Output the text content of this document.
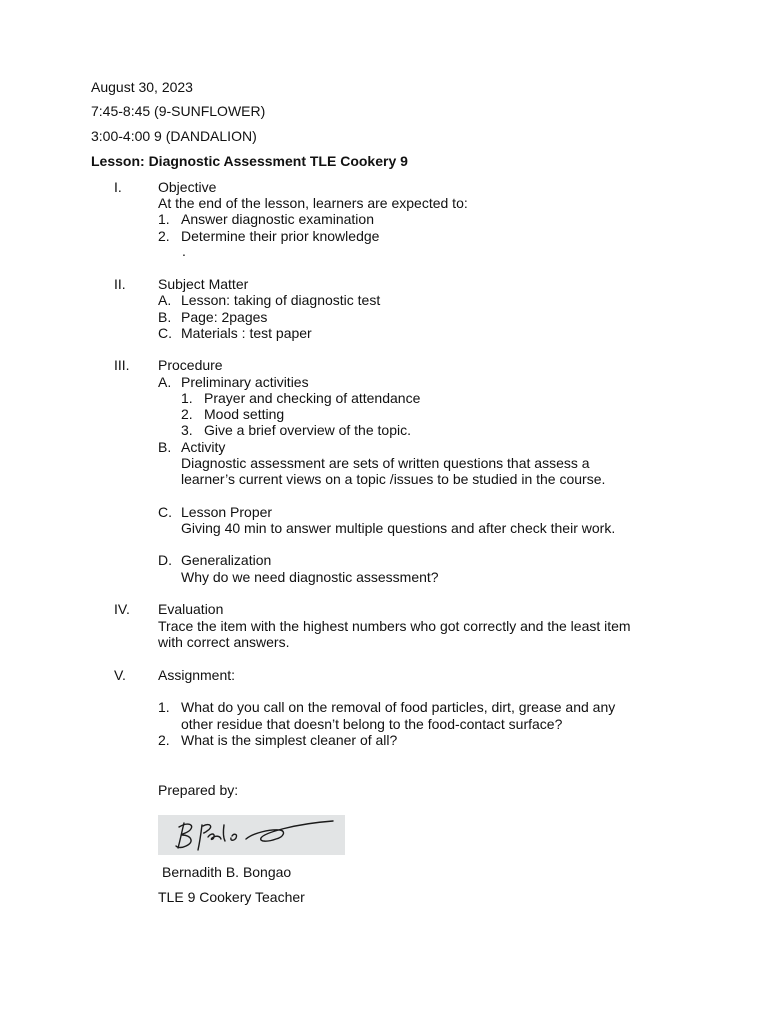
August 30, 2023
7:45-8:45 (9-SUNFLOWER)
3:00-4:00 9 (DANDALION)
Lesson: Diagnostic Assessment TLE Cookery 9
I.	Objective
At the end of the lesson, learners are expected to:
1. Answer diagnostic examination
2. Determine their prior knowledge
.
II. Subject Matter
A. Lesson: taking of diagnostic test
B. Page: 2pages
C. Materials : test paper
III. Procedure
A. Preliminary activities
1. Prayer and checking of attendance
2. Mood setting
3. Give a brief overview of the topic.
B. Activity
Diagnostic assessment are sets of written questions that assess a
learner’s current views on a topic /issues to be studied in the course.
C. Lesson Proper
Giving 40 min to answer multiple questions and after check their work.
D. Generalization
Why do we need diagnostic assessment?
IV. Evaluation
Trace the item with the highest numbers who got correctly and the least item
with correct answers.
V. Assignment:
1. What do you call on the removal of food particles, dirt, grease and any
other residue that doesn’t belong to the food-contact surface?
2. What is the simplest cleaner of all?
Prepared by:
Bernadith B. Bongao
TLE 9 Cookery Teacher
